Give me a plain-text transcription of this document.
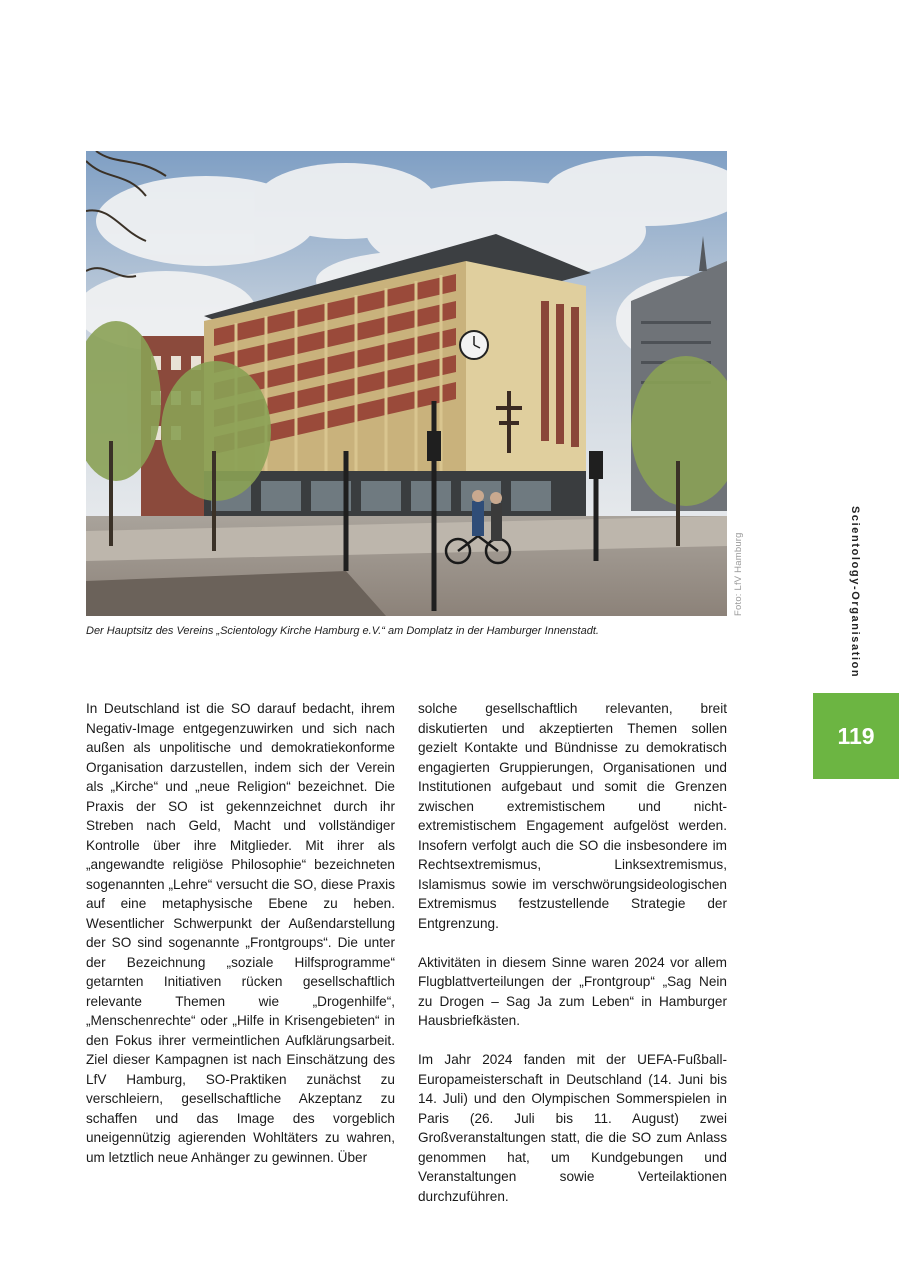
Foto: LfV Hamburg
Der Hauptsitz des Vereins „Scientology Kirche Hamburg e.V.“ am Domplatz in der Hamburger Innenstadt.

In Deutschland ist die SO darauf bedacht, ihrem Negativ-Image entgegenzuwirken und sich nach außen als unpolitische und demokratiekonforme Organisation darzustellen, indem sich der Verein als „Kirche“ und „neue Religion“ bezeichnet. Die Praxis der SO ist gekennzeichnet durch ihr Streben nach Geld, Macht und vollständiger Kontrolle über ihre Mitglieder. Mit ihrer als „angewandte religiöse Philosophie“ bezeichneten sogenannten „Lehre“ versucht die SO, diese Praxis auf eine metaphysische Ebene zu heben. Wesentlicher Schwerpunkt der Außendarstellung der SO sind sogenannte „Frontgroups“. Die unter der Bezeichnung „soziale Hilfsprogramme“ getarnten Initiativen rücken gesellschaftlich relevante Themen wie „Drogenhilfe“, „Menschenrechte“ oder „Hilfe in Krisengebieten“ in den Fokus ihrer vermeintlichen Aufklärungsarbeit. Ziel dieser Kampagnen ist nach Einschätzung des LfV Hamburg, SO-Praktiken zunächst zu verschleiern, gesellschaftliche Akzeptanz zu schaffen und das Image des vorgeblich uneigennützig agierenden Wohltäters zu wahren, um letztlich neue Anhänger zu gewinnen. Über

solche gesellschaftlich relevanten, breit diskutierten und akzeptierten Themen sollen gezielt Kontakte und Bündnisse zu demokratisch engagierten Gruppierungen, Organisationen und Institutionen aufgebaut und somit die Grenzen zwischen extremistischem und nicht-extremistischem Engagement aufgelöst werden. Insofern verfolgt auch die SO die insbesondere im Rechtsextremismus, Linksextremismus, Islamismus sowie im verschwörungsideologischen Extremismus festzustellende Strategie der Entgrenzung.

Aktivitäten in diesem Sinne waren 2024 vor allem Flugblattverteilungen der „Frontgroup“ „Sag Nein zu Drogen – Sag Ja zum Leben“ in Hamburger Hausbriefkästen.

Im Jahr 2024 fanden mit der UEFA-Fußball-Europameisterschaft in Deutschland (14. Juni bis 14. Juli) und den Olympischen Sommerspielen in Paris (26. Juli bis 11. August) zwei Großveranstaltungen statt, die die SO zum Anlass genommen hat, um Kundgebungen und Veranstaltungen sowie Verteilaktionen durchzuführen.

Scientology-Organisation
119
